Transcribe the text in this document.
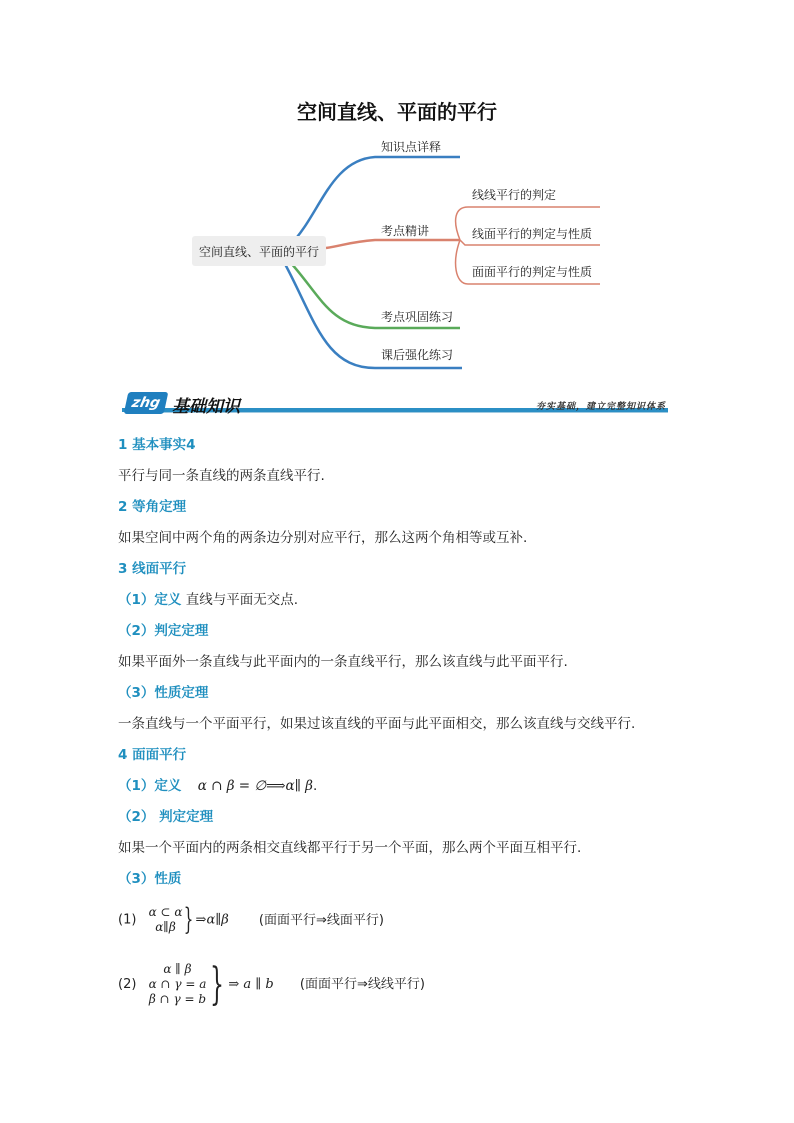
空间直线、平面的平行
知识点详释
考点精讲
考点巩固练习
课后强化练习
线线平行的判定
线面平行的判定与性质
面面平行的判定与性质
空间直线、平面的平行
zhg 基础知识	夯实基础，建立完整知识体系
1 基本事实4
平行与同一条直线的两条直线平行.
2 等角定理
如果空间中两个角的两条边分别对应平行，那么这两个角相等或互补.
3 线面平行
（1）定义 直线与平面无交点.
（2）判定定理
如果平面外一条直线与此平面内的一条直线平行，那么该直线与此平面平行.
（3）性质定理
一条直线与一个平面平行，如果过该直线的平面与此平面相交，那么该直线与交线平行.
4 面面平行
（1）定义 α ∩ β = ∅⟹α∥ β.
（2） 判定定理
如果一个平面内的两条相交直线都平行于另一个平面，那么两个平面互相平行.
（3）性质
(1)
α ⊂ α
α∥β } ⇒α∥β (面面平行⇒线面平行)
(2)
α ∥ β
α ∩ γ = a
β ∩ γ = b } ⇒ a ∥ b (面面平行⇒线线平行)
